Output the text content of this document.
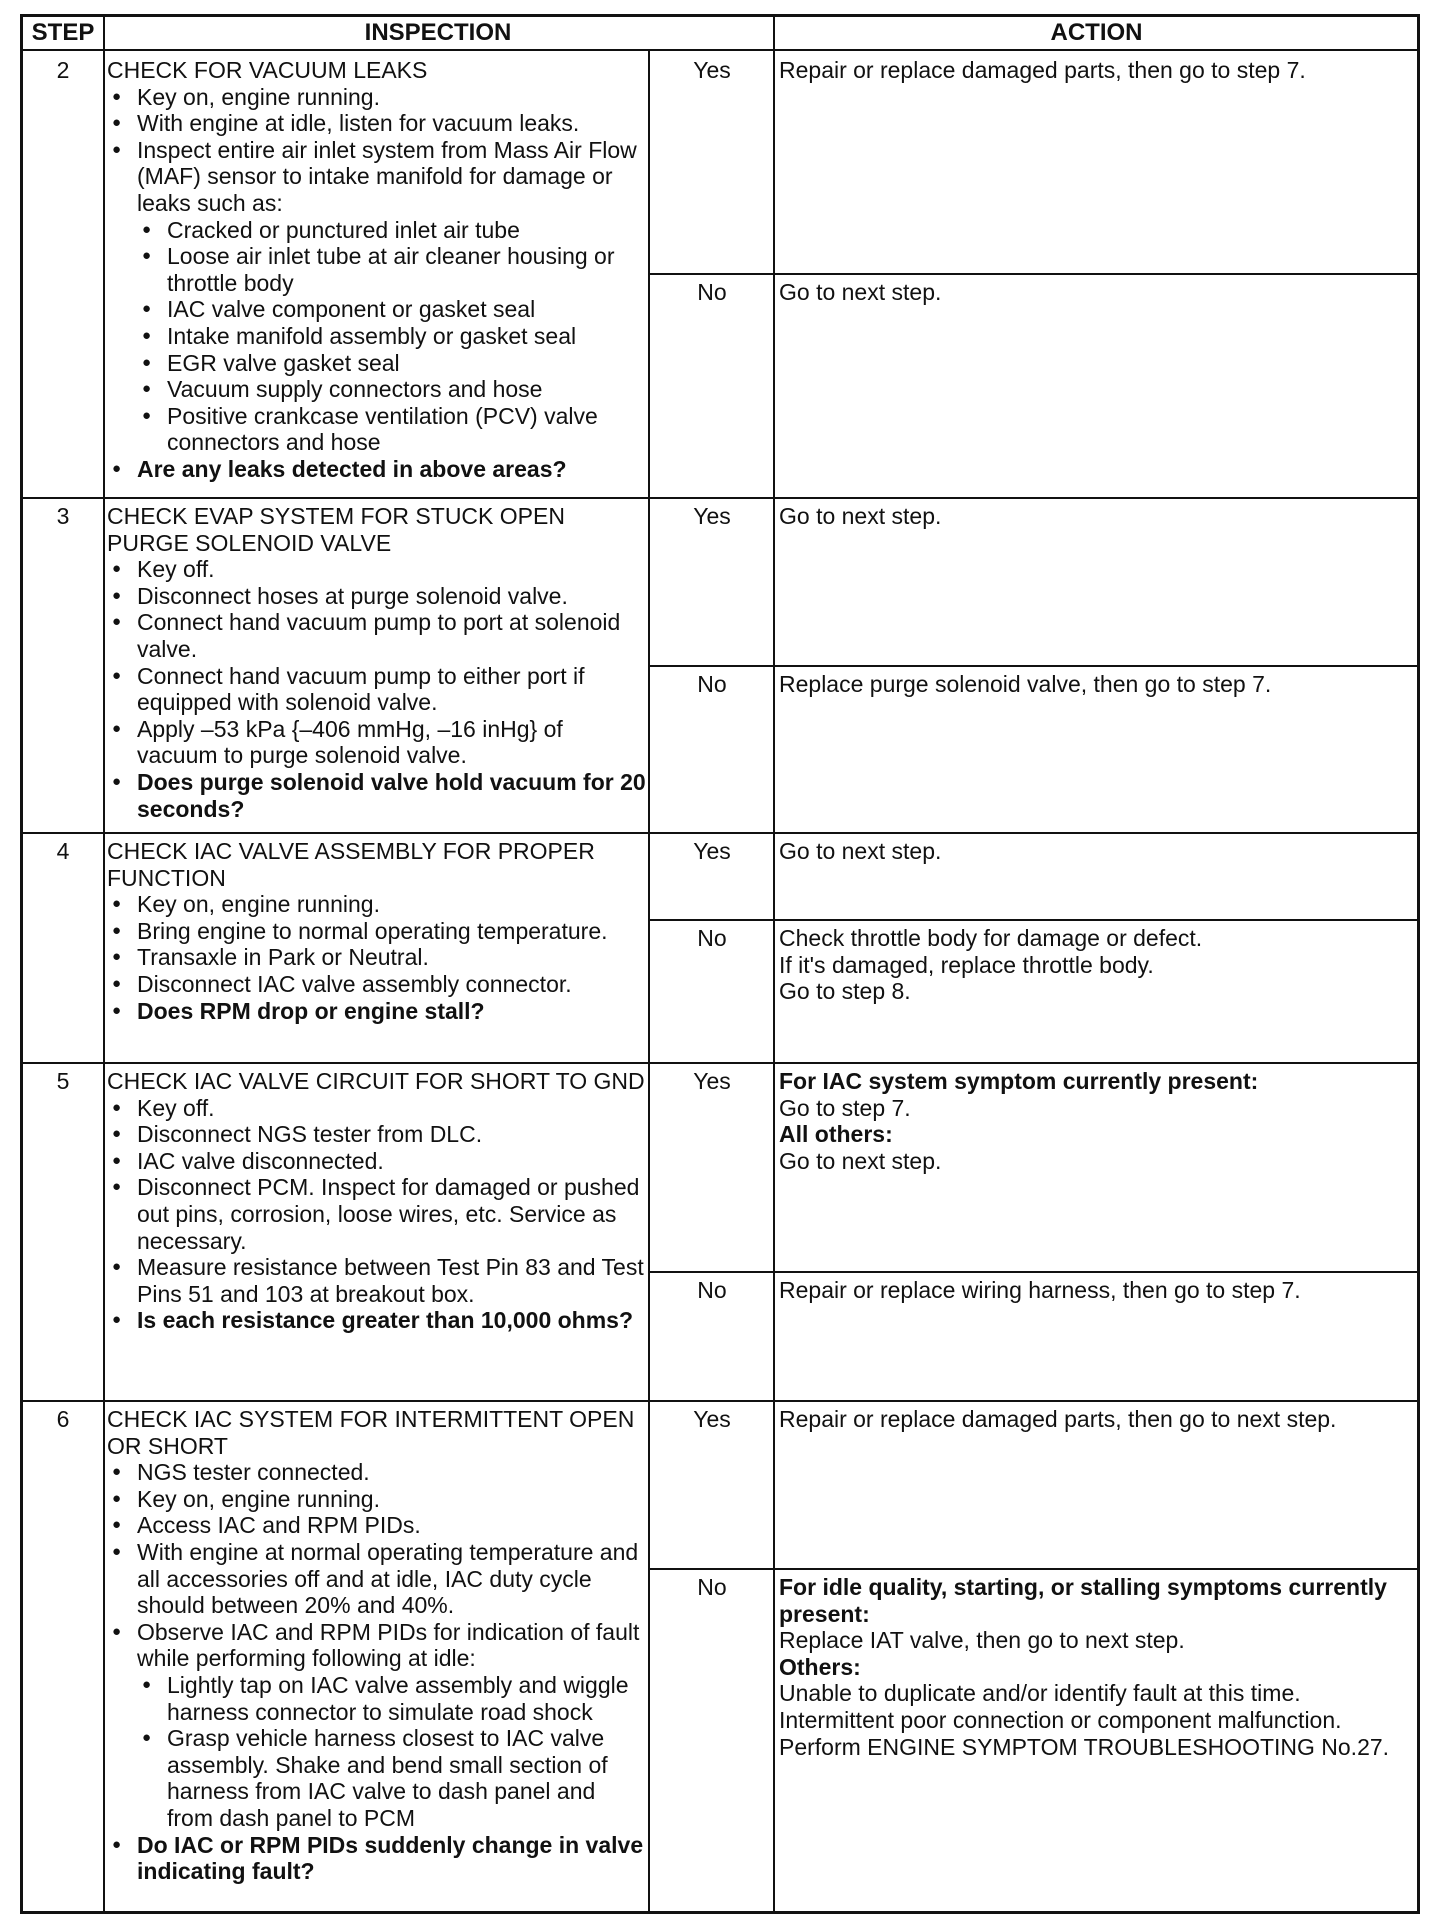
STEP	INSPECTION	ACTION
2	CHECK FOR VACUUM LEAKS
● Key on, engine running.
● With engine at idle, listen for vacuum leaks.
● Inspect entire air inlet system from Mass Air Flow (MAF) sensor to intake manifold for damage or leaks such as:
● Cracked or punctured inlet air tube
● Loose air inlet tube at air cleaner housing or throttle body
● IAC valve component or gasket seal
● Intake manifold assembly or gasket seal
● EGR valve gasket seal
● Vacuum supply connectors and hose
● Positive crankcase ventilation (PCV) valve connectors and hose
● Are any leaks detected in above areas?
Yes	Repair or replace damaged parts, then go to step 7.
No	Go to next step.
3	CHECK EVAP SYSTEM FOR STUCK OPEN PURGE SOLENOID VALVE
● Key off.
● Disconnect hoses at purge solenoid valve.
● Connect hand vacuum pump to port at solenoid valve.
● Connect hand vacuum pump to either port if equipped with solenoid valve.
● Apply –53 kPa {–406 mmHg, –16 inHg} of vacuum to purge solenoid valve.
● Does purge solenoid valve hold vacuum for 20 seconds?
Yes	Go to next step.
No	Replace purge solenoid valve, then go to step 7.
4	CHECK IAC VALVE ASSEMBLY FOR PROPER FUNCTION
● Key on, engine running.
● Bring engine to normal operating temperature.
● Transaxle in Park or Neutral.
● Disconnect IAC valve assembly connector.
● Does RPM drop or engine stall?
Yes	Go to next step.
No	Check throttle body for damage or defect.
If it's damaged, replace throttle body.
Go to step 8.
5	CHECK IAC VALVE CIRCUIT FOR SHORT TO GND
● Key off.
● Disconnect NGS tester from DLC.
● IAC valve disconnected.
● Disconnect PCM. Inspect for damaged or pushed out pins, corrosion, loose wires, etc. Service as necessary.
● Measure resistance between Test Pin 83 and Test Pins 51 and 103 at breakout box.
● Is each resistance greater than 10,000 ohms?
Yes	For IAC system symptom currently present:
Go to step 7.
All others:
Go to next step.
No	Repair or replace wiring harness, then go to step 7.
6	CHECK IAC SYSTEM FOR INTERMITTENT OPEN OR SHORT
● NGS tester connected.
● Key on, engine running.
● Access IAC and RPM PIDs.
● With engine at normal operating temperature and all accessories off and at idle, IAC duty cycle should between 20% and 40%.
● Observe IAC and RPM PIDs for indication of fault while performing following at idle:
● Lightly tap on IAC valve assembly and wiggle harness connector to simulate road shock
● Grasp vehicle harness closest to IAC valve assembly. Shake and bend small section of harness from IAC valve to dash panel and from dash panel to PCM
● Do IAC or RPM PIDs suddenly change in valve indicating fault?
Yes	Repair or replace damaged parts, then go to next step.
No	For idle quality, starting, or stalling symptoms currently present:
Replace IAT valve, then go to next step.
Others:
Unable to duplicate and/or identify fault at this time.
Intermittent poor connection or component malfunction.
Perform ENGINE SYMPTOM TROUBLESHOOTING No.27.
